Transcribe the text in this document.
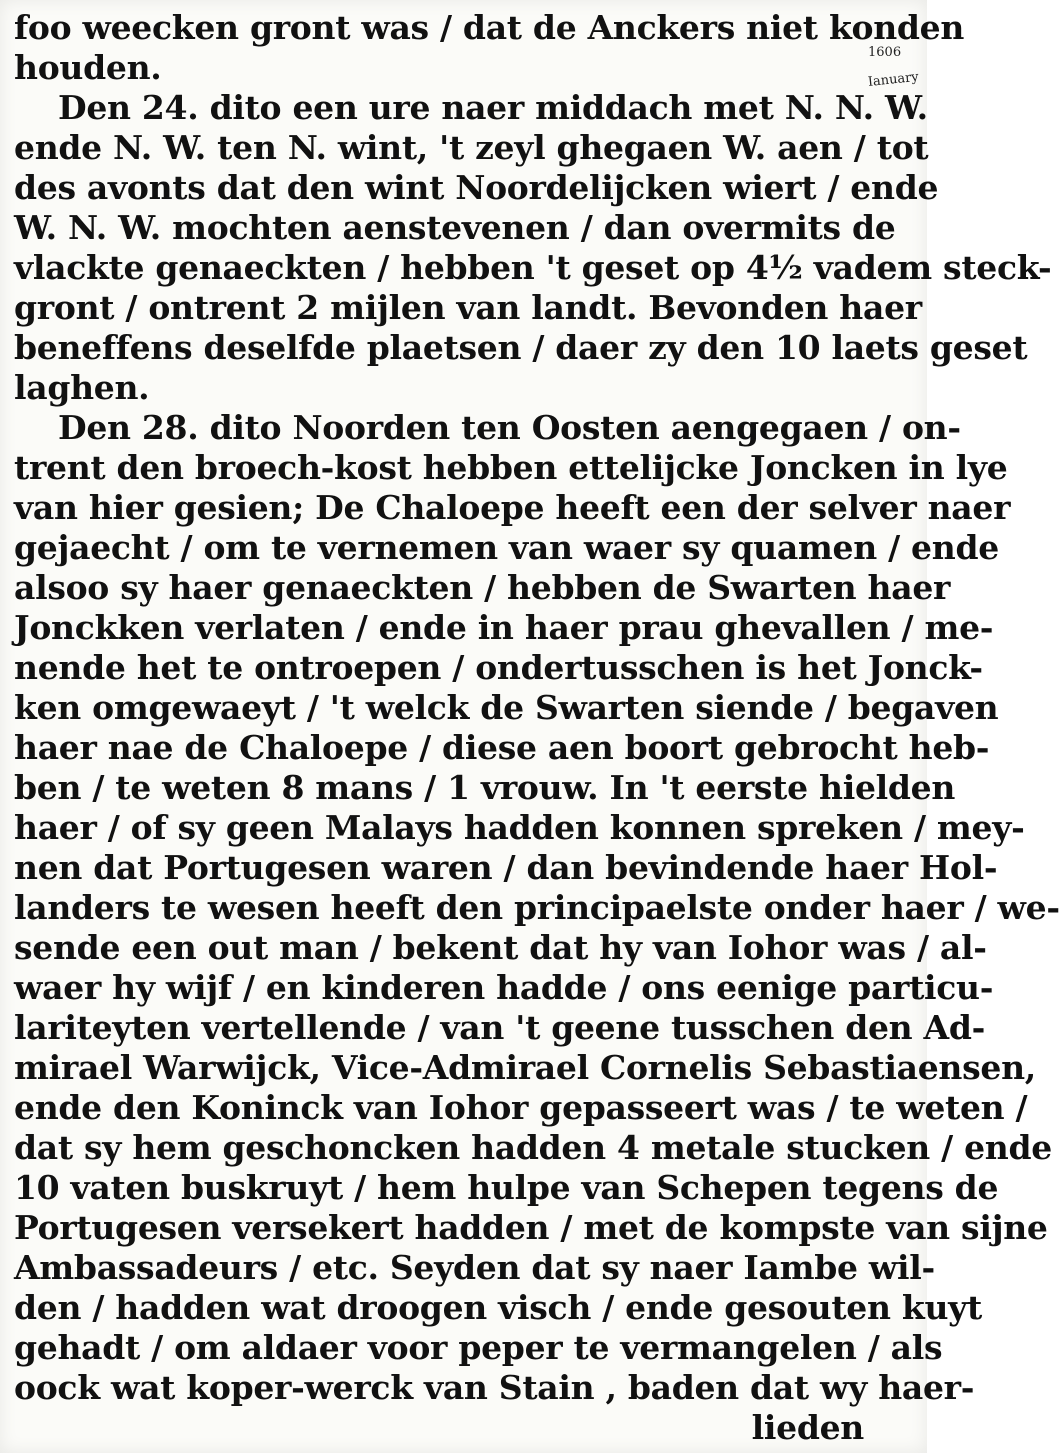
foo weecken gront was / dat de Anckers niet konden
houden.
Den 24. dito een ure naer middach met N. N. W.
ende N. W. ten N. wint, 't zeyl ghegaen W. aen / tot
des avonts dat den wint Noordelijcken wiert / ende
W. N. W. mochten aenstevenen / dan overmits de
vlackte genaeckten / hebben 't geset op 4½ vadem steck-
gront / ontrent 2 mijlen van landt. Bevonden haer
beneffens deselfde plaetsen / daer zy den 10 laets geset
laghen.
Den 28. dito Noorden ten Oosten aengegaen / on-
trent den broech-kost hebben ettelijcke Joncken in lye
van hier gesien; De Chaloepe heeft een der selver naer
gejaecht / om te vernemen van waer sy quamen / ende
alsoo sy haer genaeckten / hebben de Swarten haer
Jonckken verlaten / ende in haer prau ghevallen / me-
nende het te ontroepen / ondertusschen is het Jonck-
ken omgewaeyt / 't welck de Swarten siende / begaven
haer nae de Chaloepe / diese aen boort gebrocht heb-
ben / te weten 8 mans / 1 vrouw. In 't eerste hielden
haer / of sy geen Malays hadden konnen spreken / mey-
nen dat Portugesen waren / dan bevindende haer Hol-
landers te wesen heeft den principaelste onder haer / we-
sende een out man / bekent dat hy van Iohor was / al-
waer hy wijf / en kinderen hadde / ons eenige particu-
lariteyten vertellende / van 't geene tusschen den Ad-
mirael Warwijck, Vice-Admirael Cornelis Sebastiaensen,
ende den Koninck van Iohor gepasseert was / te weten /
dat sy hem geschoncken hadden 4 metale stucken / ende
10 vaten buskruyt / hem hulpe van Schepen tegens de
Portugesen versekert hadden / met de kompste van sijne
Ambassadeurs / etc. Seyden dat sy naer Iambe wil-
den / hadden wat droogen visch / ende gesouten kuyt
gehadt / om aldaer voor peper te vermangelen / als
oock wat koper-werck van Stain , baden dat wy haer-
lieden
1606
Ianuary
